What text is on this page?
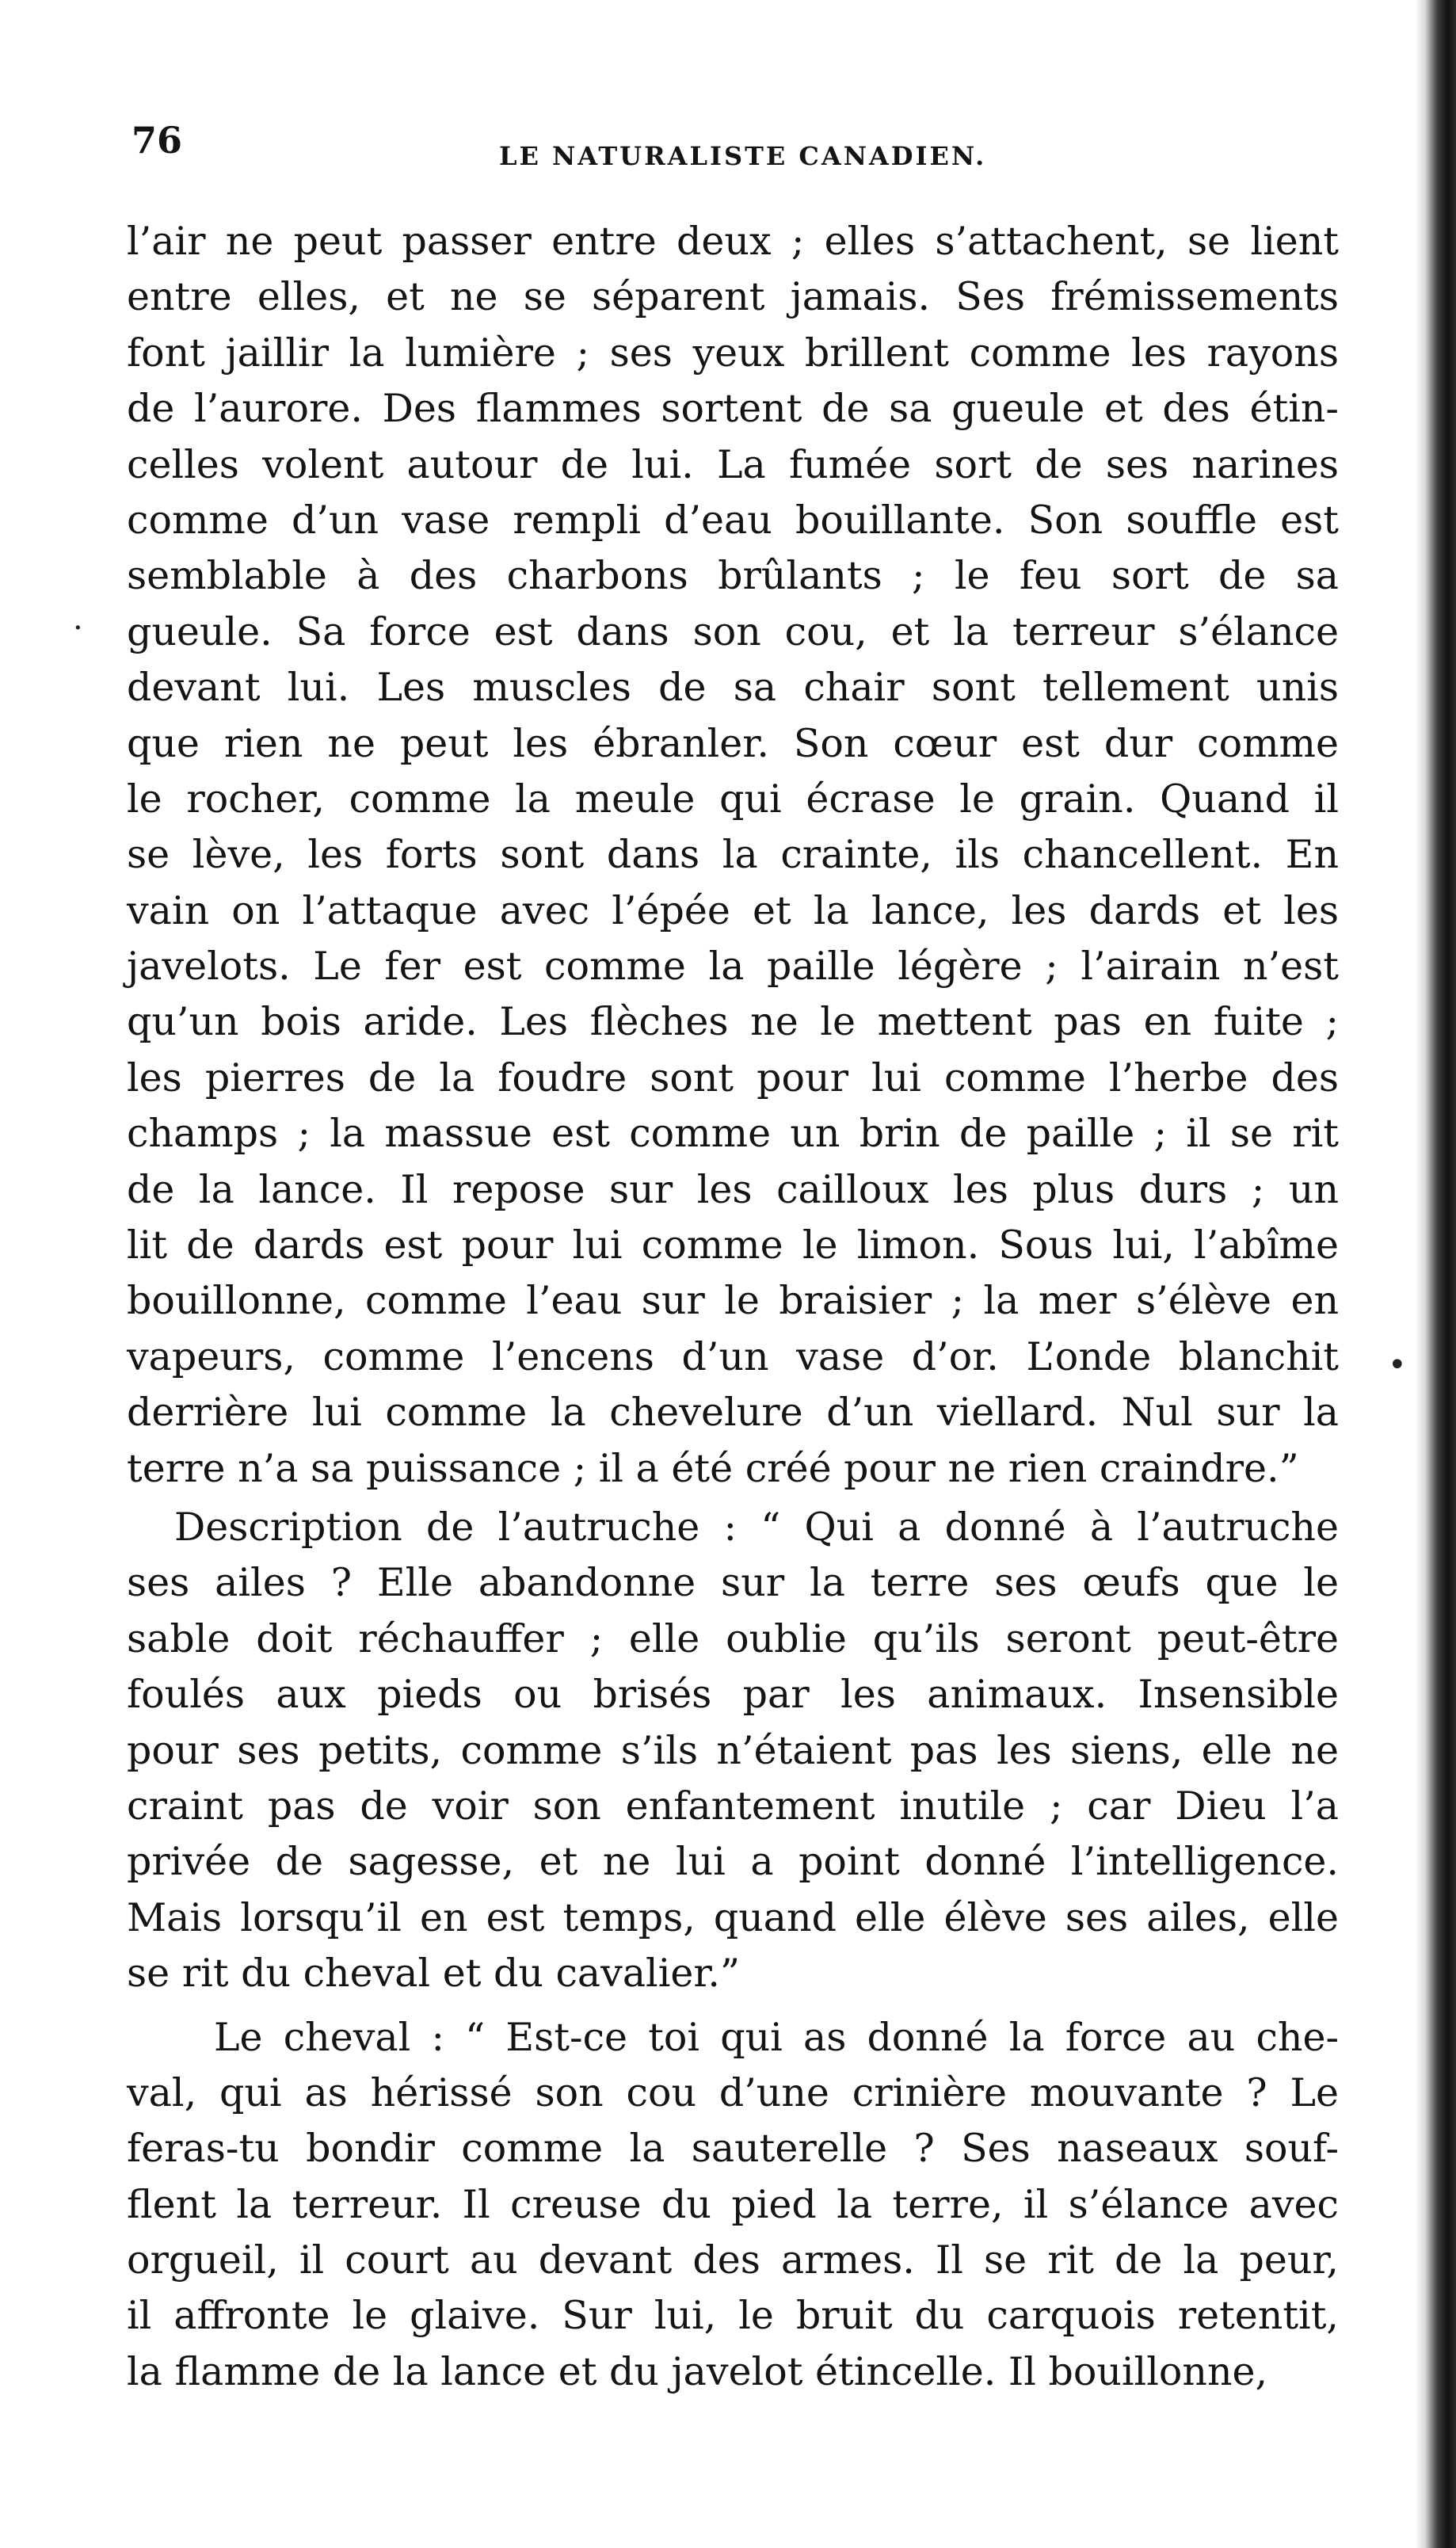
76	LE NATURALISTE CANADIEN.
·
•
l’air ne peut passer entre deux ; elles s’attachent, se lient
entre elles, et ne se séparent jamais. Ses frémissements
font jaillir la lumière ; ses yeux brillent comme les rayons
de l’aurore. Des flammes sortent de sa gueule et des étin-
celles volent autour de lui. La fumée sort de ses narines
comme d’un vase rempli d’eau bouillante. Son souffle est
semblable à des charbons brûlants ; le feu sort de sa
gueule. Sa force est dans son cou, et la terreur s’élance
devant lui. Les muscles de sa chair sont tellement unis
que rien ne peut les ébranler. Son cœur est dur comme
le rocher, comme la meule qui écrase le grain. Quand il
se lève, les forts sont dans la crainte, ils chancellent. En
vain on l’attaque avec l’épée et la lance, les dards et les
javelots. Le fer est comme la paille légère ; l’airain n’est
qu’un bois aride. Les flèches ne le mettent pas en fuite ;
les pierres de la foudre sont pour lui comme l’herbe des
champs ; la massue est comme un brin de paille ; il se rit
de la lance. Il repose sur les cailloux les plus durs ; un
lit de dards est pour lui comme le limon. Sous lui, l’abîme
bouillonne, comme l’eau sur le braisier ; la mer s’élève en
vapeurs, comme l’encens d’un vase d’or. L’onde blanchit
derrière lui comme la chevelure d’un viellard. Nul sur la
terre n’a sa puissance ; il a été créé pour ne rien craindre.”
Description de l’autruche : “ Qui a donné à l’autruche
ses ailes ? Elle abandonne sur la terre ses œufs que le
sable doit réchauffer ; elle oublie qu’ils seront peut-être
foulés aux pieds ou brisés par les animaux. Insensible
pour ses petits, comme s’ils n’étaient pas les siens, elle ne
craint pas de voir son enfantement inutile ; car Dieu l’a
privée de sagesse, et ne lui a point donné l’intelligence.
Mais lorsqu’il en est temps, quand elle élève ses ailes, elle
se rit du cheval et du cavalier.”
Le cheval : “ Est-ce toi qui as donné la force au che-
val, qui as hérissé son cou d’une crinière mouvante ? Le
feras-tu bondir comme la sauterelle ? Ses naseaux souf-
flent la terreur. Il creuse du pied la terre, il s’élance avec
orgueil, il court au devant des armes. Il se rit de la peur,
il affronte le glaive. Sur lui, le bruit du carquois retentit,
la flamme de la lance et du javelot étincelle. Il bouillonne,
